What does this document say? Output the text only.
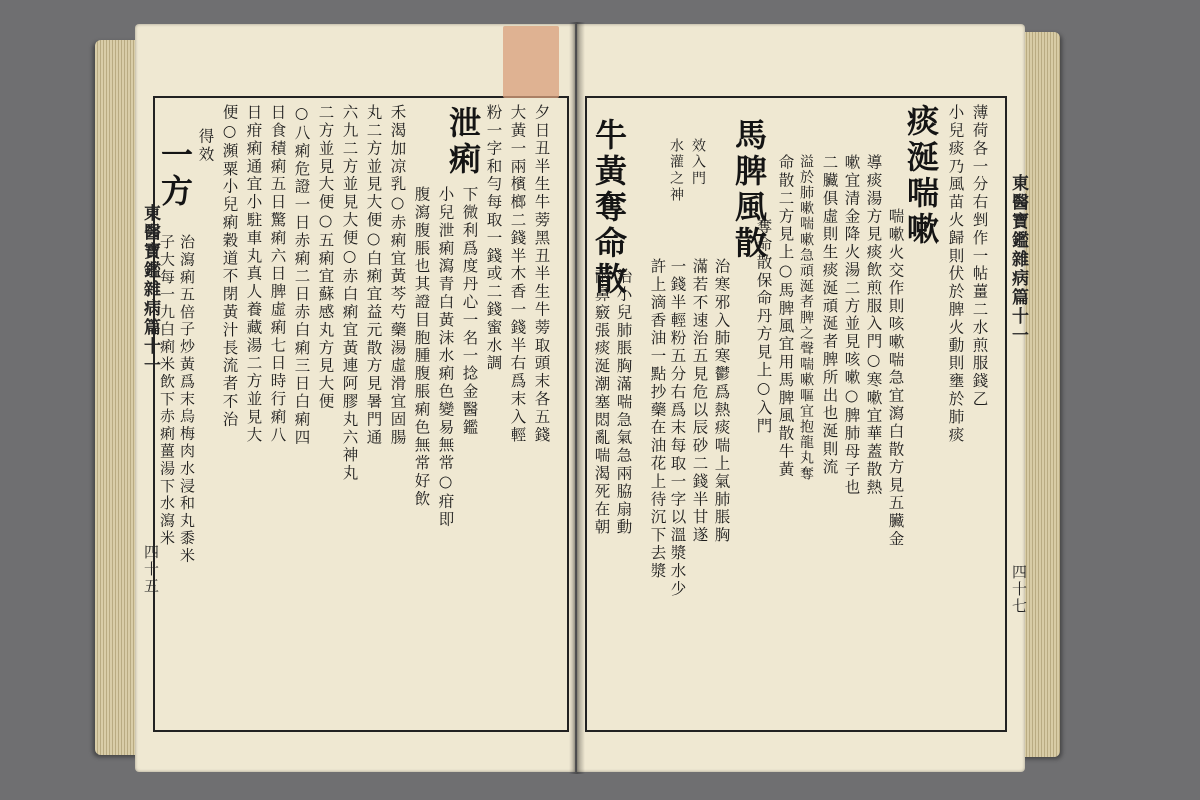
東醫寶鑑雜病篇十一
四十五
泄痢
一方	夕日丑半生牛蒡黑丑半生牛蒡取頭末各五錢
大黃一兩檳榔二錢半木香一錢半右爲末入輕
粉一字和勻每取一錢或二錢蜜水調
下微利爲度丹心一名一捻金醫鑑
小兒泄痢瀉青白黃沫水痢色變易無常○疳即
腹瀉腹脹也其證目胞腫腹脹痢色無常好飲
禾渴加凉乳○赤痢宜黃芩芍藥湯虛滑宜固腸
丸二方並見大便○白痢宜益元散方見暑門通
六九二方並見大便○赤白痢宜黃連阿膠丸六神丸
二方並見大便○五痢宜蘇感丸方見大便
○八痢危證一日赤痢二日赤白痢三日白痢四
日食積痢五日驚痢六日脾虛痢七日時行痢八
日疳痢通宜小駐車丸真人養藏湯二方並見大
便○瀕粟小兒痢穀道不閉黃汁長流者不治
得效
治瀉痢五倍子炒黃爲末烏梅肉水浸和丸黍米
子大每一九白痢米飲下赤痢薑湯下水瀉米
痰涎喘嗽
馬脾風散
牛黃奪命散	薄荷各一分右剉作一帖薑二水煎服錢乙
小兒痰乃風苗火歸則伏於脾火動則壅於肺痰
喘嗽火交作則咳嗽喘急宜瀉白散方見五臟金
導痰湯方見痰飲煎服入門○寒嗽宜華蓋散熱
嗽宜清金降火湯二方並見咳嗽○脾肺母子也
二臟俱虛則生痰涎頑涎者脾所出也涎則流
溢於肺嗽喘嗽急頑涎者脾之聲喘嗽嘔宜抱龍丸奪
命散二方見上○馬脾風宜用馬脾風散牛黃
奪命散保命丹方見上○入門
治寒邪入肺寒鬱爲熱痰喘上氣肺脹胸
滿若不速治五見危以辰砂二錢半甘遂
一錢半輕粉五分右爲末每取一字以溫漿水少
許上滴香油一點抄藥在油花上待沉下去漿
水灌之神 效入門
治小兒肺脹胸滿喘急氣急兩脇扇動
兩鼻竅張痰涎潮塞悶亂喘渴死在朝
東醫寶鑑雜病篇十一
四十七
